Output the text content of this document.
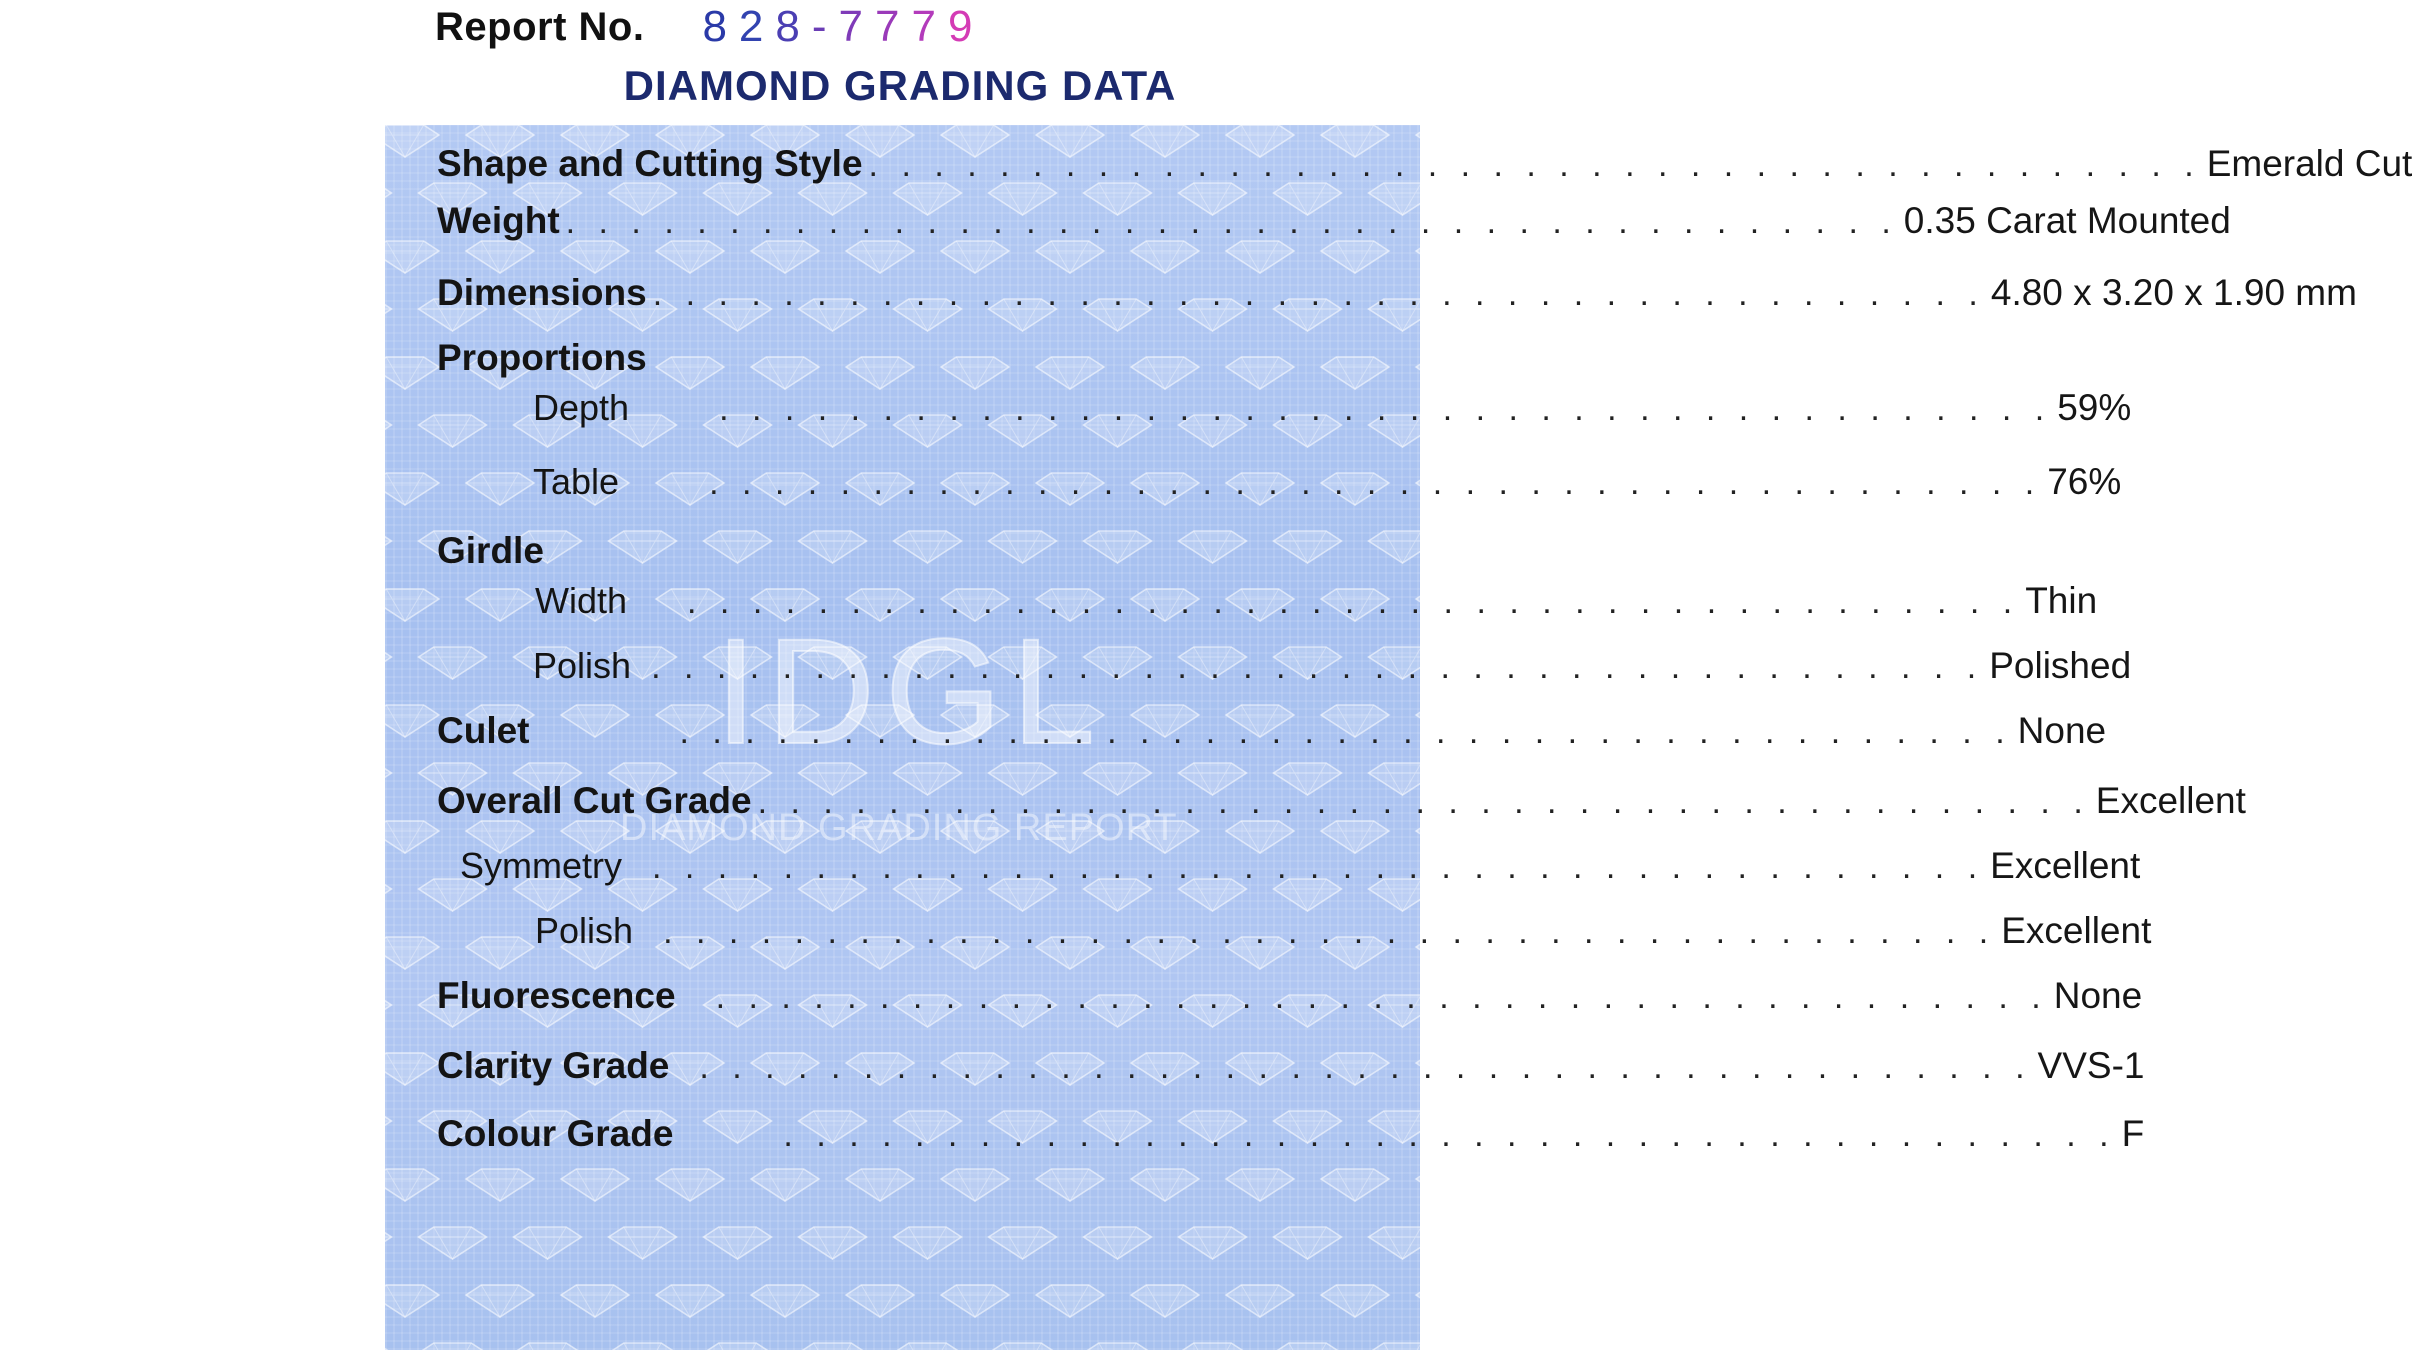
Report No. 8 2 8 - 7 7 7 9
DIAMOND GRADING DATA
IDGL
DIAMOND GRADING REPORT
Shape and Cutting Style . . . . . . . . . . . . . . . . . . . . . . . . . . . . . . . . . . . . . . . . . Emerald Cut
Weight . . . . . . . . . . . . . . . . . . . . . . . . . . . . . . . . . . . . . . . . . 0.35 Carat Mounted
Dimensions . . . . . . . . . . . . . . . . . . . . . . . . . . . . . . . . . . . . . . . . . 4.80 x 3.20 x 1.90 mm
Proportions
Depth	. . . . . . . . . . . . . . . . . . . . . . . . . . . . . . . . . . . . . . . . . 59%
Table	. . . . . . . . . . . . . . . . . . . . . . . . . . . . . . . . . . . . . . . . . 76%
Girdle
Width . . . . . . . . . . . . . . . . . . . . . . . . . . . . . . . . . . . . . . . . . Thin
Polish . . . . . . . . . . . . . . . . . . . . . . . . . . . . . . . . . . . . . . . . . Polished
Culet	. . . . . . . . . . . . . . . . . . . . . . . . . . . . . . . . . . . . . . . . . None
Overall Cut Grade . . . . . . . . . . . . . . . . . . . . . . . . . . . . . . . . . . . . . . . . . Excellent
Symmetry . . . . . . . . . . . . . . . . . . . . . . . . . . . . . . . . . . . . . . . . . Excellent
Polish . . . . . . . . . . . . . . . . . . . . . . . . . . . . . . . . . . . . . . . . . Excellent
Fluorescence . . . . . . . . . . . . . . . . . . . . . . . . . . . . . . . . . . . . . . . . . None
Clarity Grade . . . . . . . . . . . . . . . . . . . . . . . . . . . . . . . . . . . . . . . . . VVS-1
Colour Grade	. . . . . . . . . . . . . . . . . . . . . . . . . . . . . . . . . . . . . . . . . F
